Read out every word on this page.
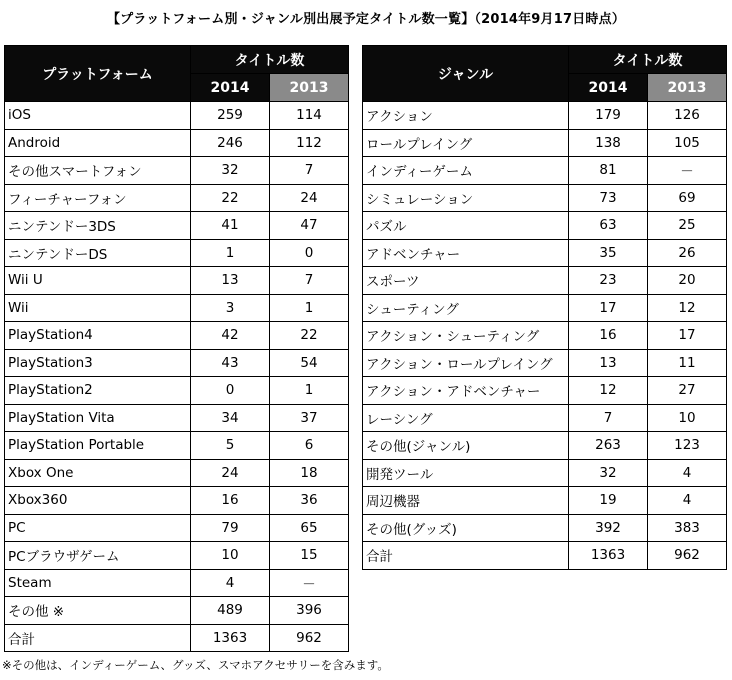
【プラットフォーム別・ジャンル別出展予定タイトル数一覧】（2014年9月17日時点）
プラットフォーム	タイトル数	
	2014	2013
iOS	259	114
Android	246	112
その他スマートフォン	32	7
フィーチャーフォン	22	24
ニンテンドー3DS	41	47
ニンテンドーDS	1	0
Wii U	13	7
Wii	3	1
PlayStation4	42	22
PlayStation3	43	54
PlayStation2	0	1
PlayStation Vita	34	37
PlayStation Portable	5	6
Xbox One	24	18
Xbox360	16	36
PC	79	65
PCブラウザゲーム	10	15
Steam	4	－
その他 ※	489	396
合計	1363	962
ジャンル	タイトル数	
	2014	2013
アクション	179	126
ロールプレイング	138	105
インディーゲーム	81	－
シミュレーション	73	69
パズル	63	25
アドベンチャー	35	26
スポーツ	23	20
シューティング	17	12
アクション・シューティング	16	17
アクション・ロールプレイング	13	11
アクション・アドベンチャー	12	27
レーシング	7	10
その他(ジャンル)	263	123
開発ツール	32	4
周辺機器	19	4
その他(グッズ)	392	383
合計	1363	962
※その他は、インディーゲーム、グッズ、スマホアクセサリーを含みます。
